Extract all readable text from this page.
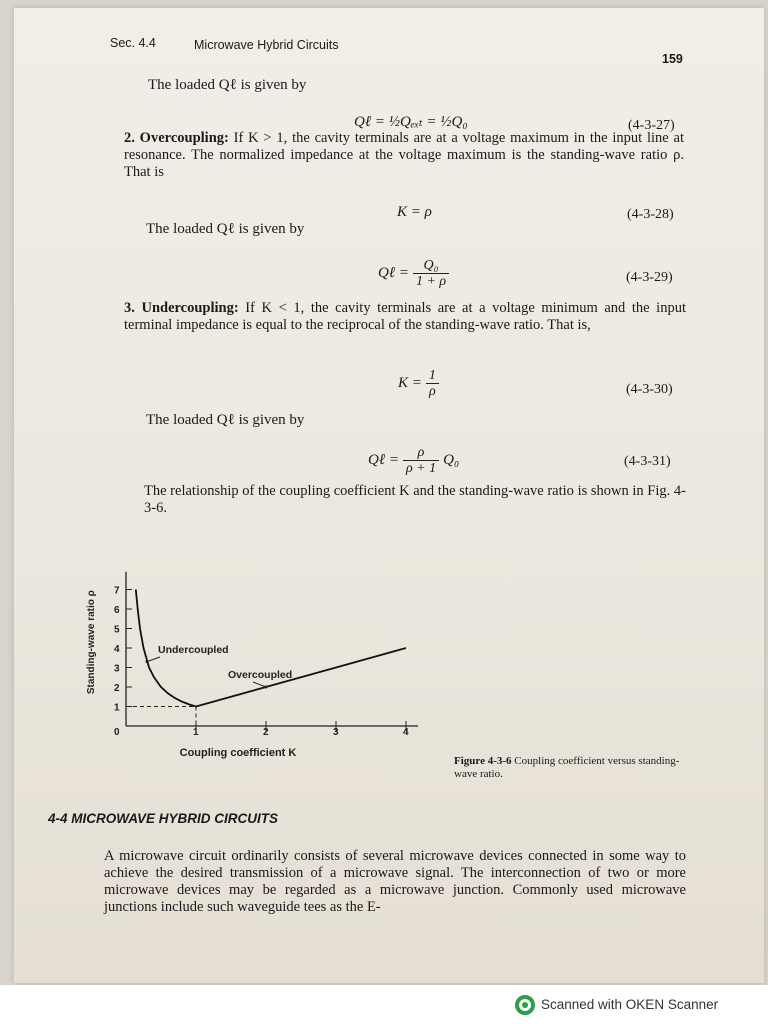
Sec. 4.4	Microwave Hybrid Circuits
159
The loaded Qℓ is given by
Qℓ = ½Qₑₓₜ = ½Q₀	(4-3-27)
2. Overcoupling: If K > 1, the cavity terminals are at a voltage maximum in the input line at resonance. The normalized impedance at the voltage maximum is the standing-wave ratio ρ. That is
K = ρ	(4-3-28)
The loaded Qℓ is given by
Qℓ = $\frac{\text{Q₀}}{1 + \rho}$	(4-3-29)
3. Undercoupling: If K < 1, the cavity terminals are at a voltage minimum and the input terminal impedance is equal to the reciprocal of the standing-wave ratio. That is,
$K = \frac{1}{\rho}$	(4-3-30)
The loaded Qℓ is given by
Qℓ = $\frac{\rho}{\rho + 1} Q_0$	(4-3-31)
The relationship of the coupling coefficient K and the standing-wave ratio is shown in Fig. 4-3-6.
0	1	2	3	4
1
2
3
4
5
6
7
Undercoupled
Overcoupled
Coupling coefficient K
Standing-wave ratio ρ
Figure 4-3-6 Coupling coefficient versus standing-wave ratio.
4-4 MICROWAVE HYBRID CIRCUITS
A microwave circuit ordinarily consists of several microwave devices connected in some way to achieve the desired transmission of a microwave signal. The interconnection of two or more microwave devices may be regarded as a microwave junction. Commonly used microwave junctions include such waveguide tees as the E-
Scanned with OKEN Scanner
